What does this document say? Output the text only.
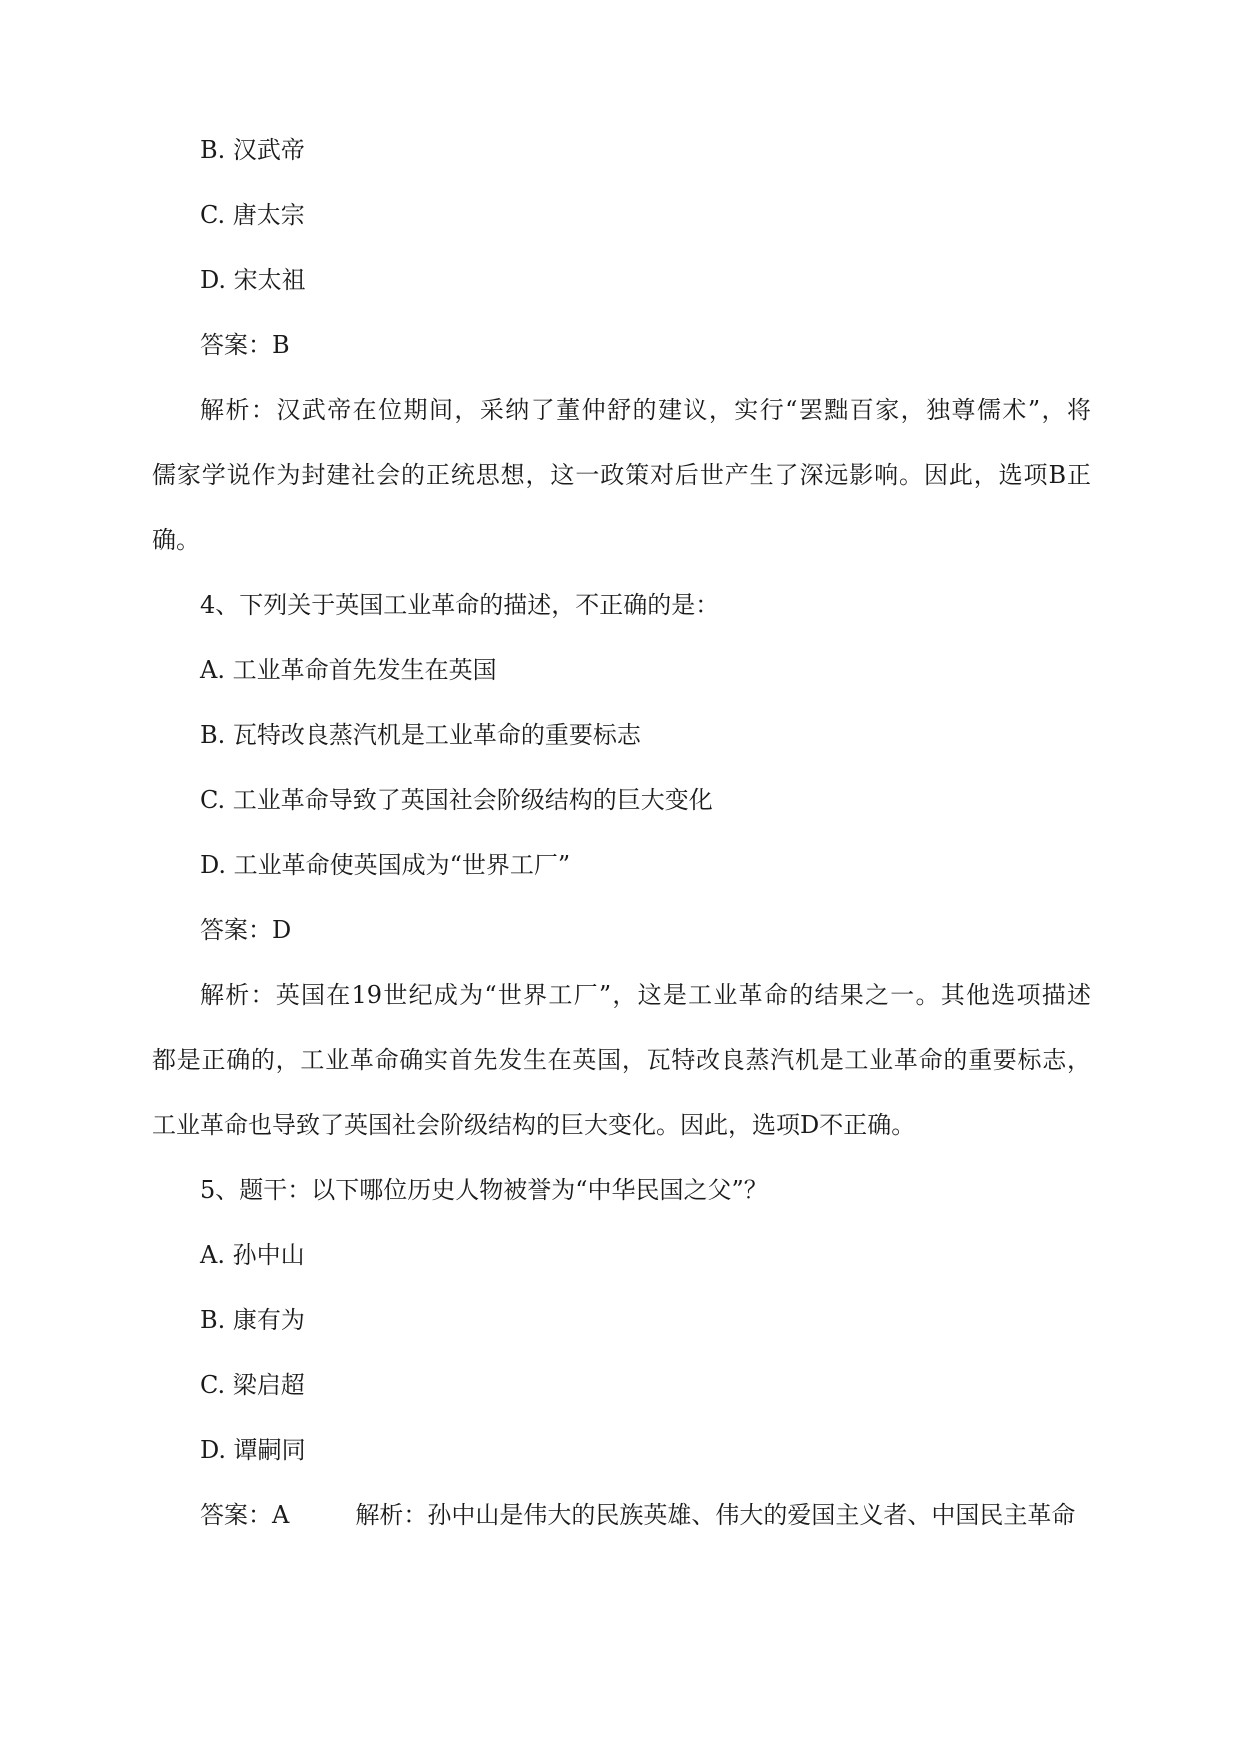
B. 汉武帝
C. 唐太宗
D. 宋太祖
答案：B
解析：汉武帝在位期间，采纳了董仲舒的建议，实行“罢黜百家，独尊儒术”，将
儒家学说作为封建社会的正统思想，这一政策对后世产生了深远影响。因此，选项B正
确。
4、下列关于英国工业革命的描述，不正确的是：
A. 工业革命首先发生在英国
B. 瓦特改良蒸汽机是工业革命的重要标志
C. 工业革命导致了英国社会阶级结构的巨大变化
D. 工业革命使英国成为“世界工厂”
答案：D
解析：英国在19世纪成为“世界工厂”，这是工业革命的结果之一。其他选项描述
都是正确的，工业革命确实首先发生在英国，瓦特改良蒸汽机是工业革命的重要标志，
工业革命也导致了英国社会阶级结构的巨大变化。因此，选项D不正确。
5、题干：以下哪位历史人物被誉为“中华民国之父”？
A. 孙中山
B. 康有为
C. 梁启超
D. 谭嗣同
答案：A	解析：孙中山是伟大的民族英雄、伟大的爱国主义者、中国民主革命
